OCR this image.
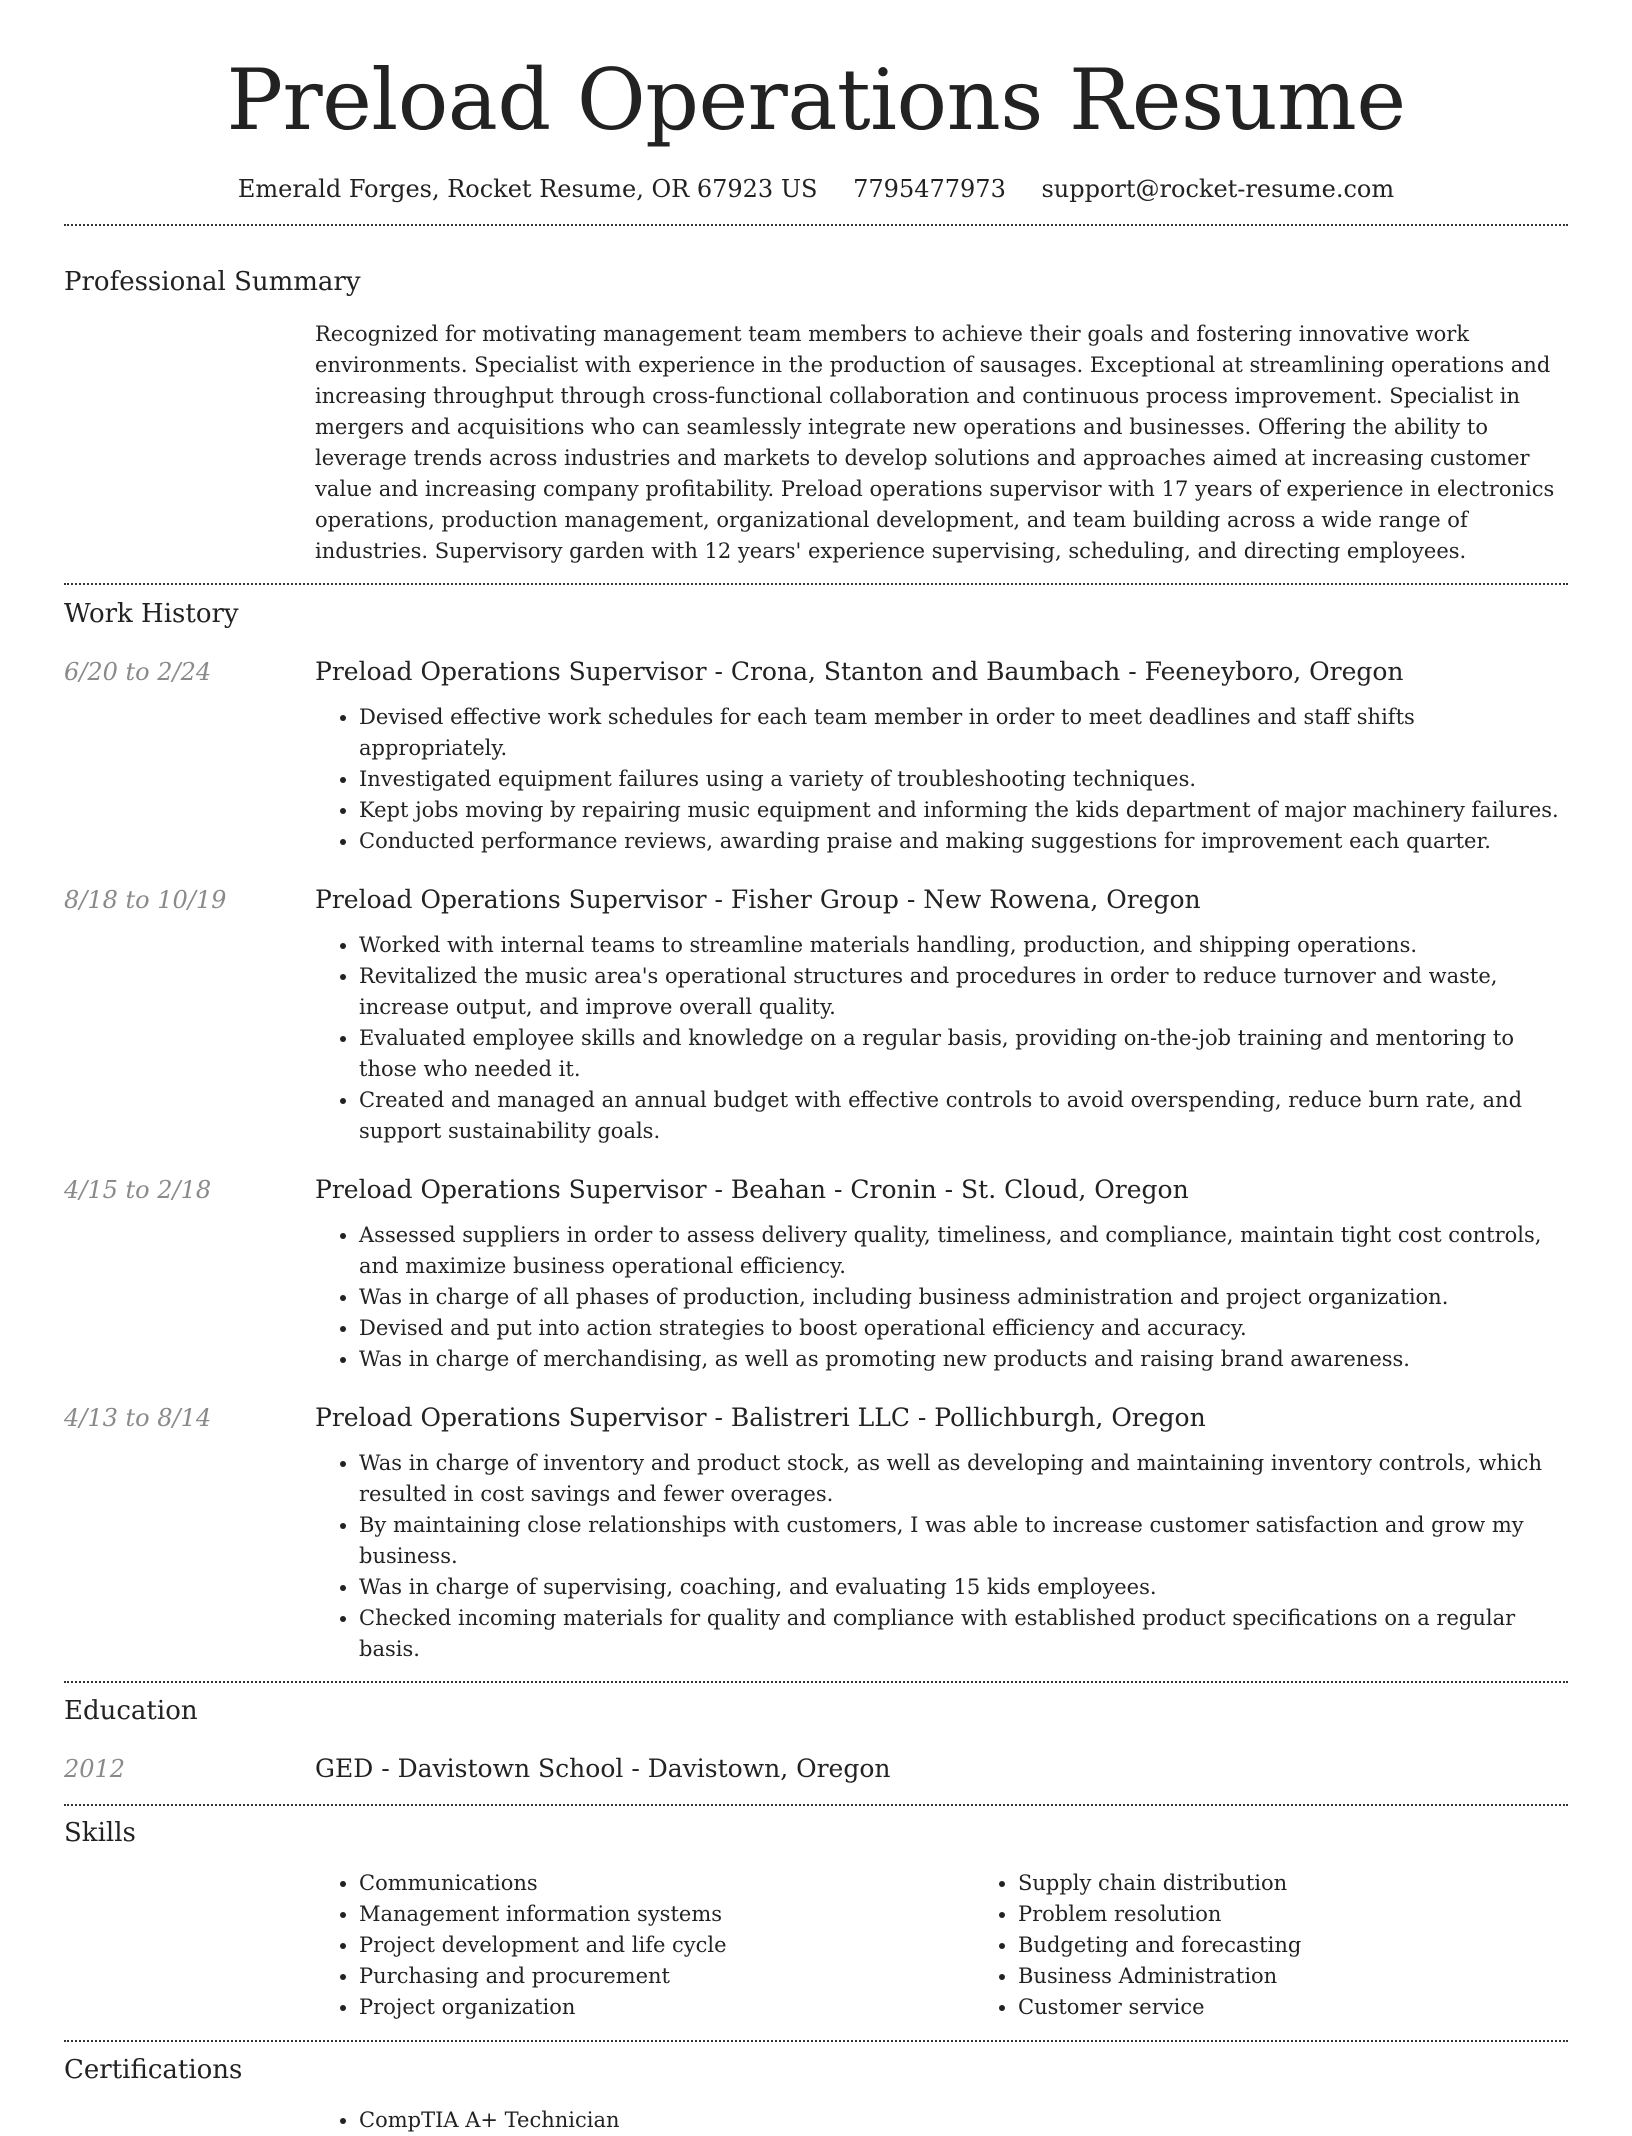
Preload Operations Resume
Emerald Forges, Rocket Resume, OR 67923 US 7795477973 support@rocket-resume.com
Professional Summary

Recognized for motivating management team members to achieve their goals and fostering innovative work environments. Specialist with experience in the production of sausages. Exceptional at streamlining operations and increasing throughput through cross-functional collaboration and continuous process improvement. Specialist in mergers and acquisitions who can seamlessly integrate new operations and businesses. Offering the ability to leverage trends across industries and markets to develop solutions and approaches aimed at increasing customer value and increasing company profitability. Preload operations supervisor with 17 years of experience in electronics operations, production management, organizational development, and team building across a wide range of industries. Supervisory garden with 12 years' experience supervising, scheduling, and directing employees.

Work History
6/20 to 2/24	Preload Operations Supervisor - Crona, Stanton and Baumbach - Feeneyboro, Oregon
• Devised effective work schedules for each team member in order to meet deadlines and staff shifts appropriately.
• Investigated equipment failures using a variety of troubleshooting techniques.
• Kept jobs moving by repairing music equipment and informing the kids department of major machinery failures.
• Conducted performance reviews, awarding praise and making suggestions for improvement each quarter.
8/18 to 10/19	Preload Operations Supervisor - Fisher Group - New Rowena, Oregon
• Worked with internal teams to streamline materials handling, production, and shipping operations.
• Revitalized the music area's operational structures and procedures in order to reduce turnover and waste, increase output, and improve overall quality.
• Evaluated employee skills and knowledge on a regular basis, providing on-the-job training and mentoring to those who needed it.
• Created and managed an annual budget with effective controls to avoid overspending, reduce burn rate, and support sustainability goals.
4/15 to 2/18	Preload Operations Supervisor - Beahan - Cronin - St. Cloud, Oregon
• Assessed suppliers in order to assess delivery quality, timeliness, and compliance, maintain tight cost controls, and maximize business operational efficiency.
• Was in charge of all phases of production, including business administration and project organization.
• Devised and put into action strategies to boost operational efficiency and accuracy.
• Was in charge of merchandising, as well as promoting new products and raising brand awareness.
4/13 to 8/14	Preload Operations Supervisor - Balistreri LLC - Pollichburgh, Oregon
• Was in charge of inventory and product stock, as well as developing and maintaining inventory controls, which resulted in cost savings and fewer overages.
• By maintaining close relationships with customers, I was able to increase customer satisfaction and grow my business.
• Was in charge of supervising, coaching, and evaluating 15 kids employees.
• Checked incoming materials for quality and compliance with established product specifications on a regular basis.
Education
2012	GED - Davistown School - Davistown, Oregon
Skills
• Communications
• Management information systems
• Project development and life cycle
• Purchasing and procurement
• Project organization
• Supply chain distribution
• Problem resolution
• Budgeting and forecasting
• Business Administration
• Customer service
Certifications
• CompTIA A+ Technician
